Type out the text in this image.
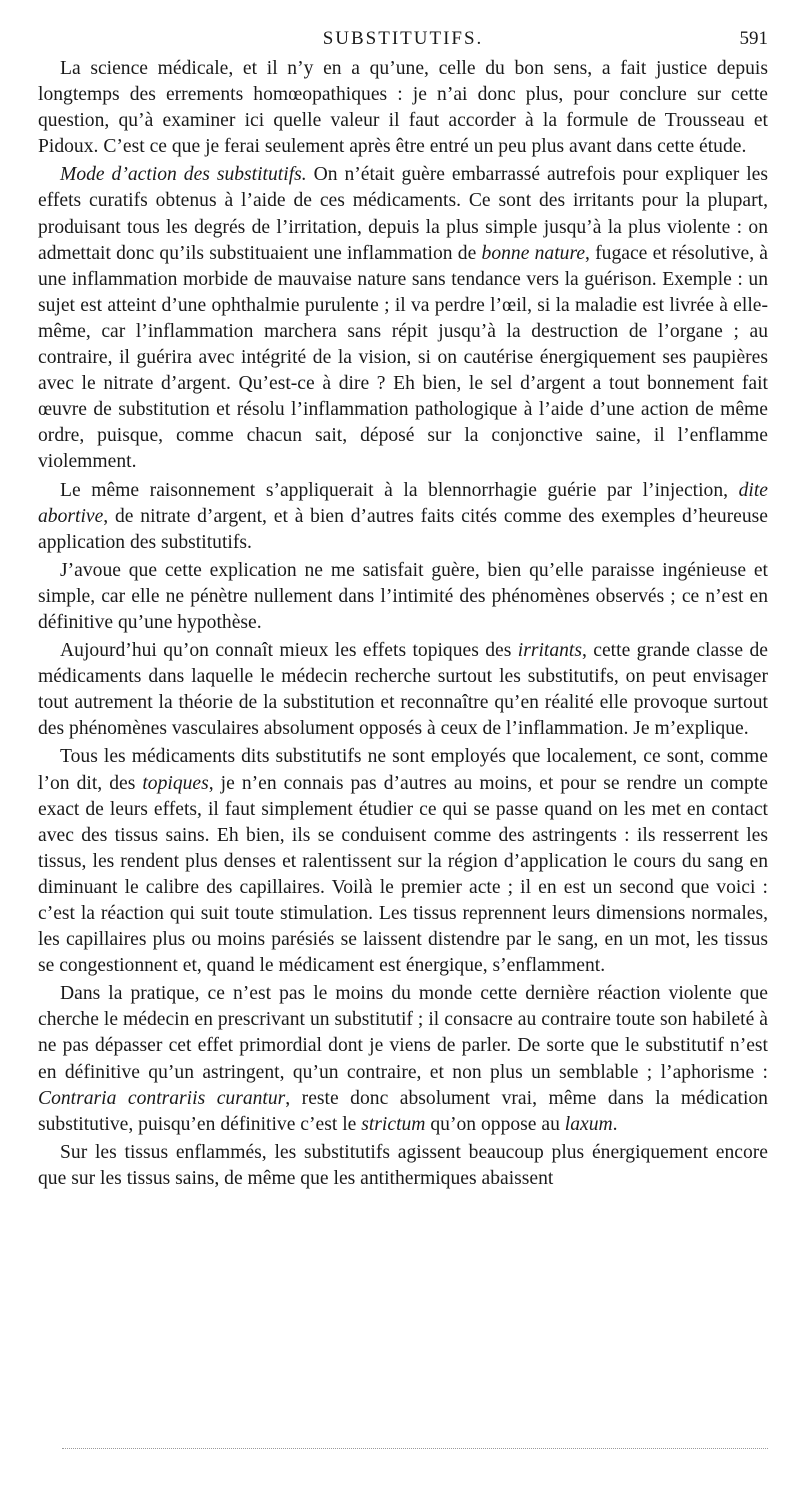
SUBSTITUTIFS.	591

La science médicale, et il n’y en a qu’une, celle du bon sens, a fait justice depuis longtemps des errements homœopathiques : je n’ai donc plus, pour conclure sur cette question, qu’à examiner ici quelle valeur il faut accorder à la formule de Trousseau et Pidoux. C’est ce que je ferai seulement après être entré un peu plus avant dans cette étude.

Mode d’action des substitutifs. On n’était guère embarrassé autrefois pour expliquer les effets curatifs obtenus à l’aide de ces médicaments. Ce sont des irritants pour la plupart, produisant tous les degrés de l’irritation, depuis la plus simple jusqu’à la plus violente : on admettait donc qu’ils substituaient une inflammation de bonne nature, fugace et résolutive, à une inflammation morbide de mauvaise nature sans tendance vers la guérison. Exemple : un sujet est atteint d’une ophthalmie purulente ; il va perdre l’œil, si la maladie est livrée à elle-même, car l’inflammation marchera sans répit jusqu’à la destruction de l’organe ; au contraire, il guérira avec intégrité de la vision, si on cautérise énergiquement ses paupières avec le nitrate d’argent. Qu’est-ce à dire ? Eh bien, le sel d’argent a tout bonnement fait œuvre de substitution et résolu l’inflammation pathologique à l’aide d’une action de même ordre, puisque, comme chacun sait, déposé sur la conjonctive saine, il l’enflamme violemment.

Le même raisonnement s’appliquerait à la blennorrhagie guérie par l’injection, dite abortive, de nitrate d’argent, et à bien d’autres faits cités comme des exemples d’heureuse application des substitutifs.

J’avoue que cette explication ne me satisfait guère, bien qu’elle paraisse ingénieuse et simple, car elle ne pénètre nullement dans l’intimité des phénomènes observés ; ce n’est en définitive qu’une hypothèse.

Aujourd’hui qu’on connaît mieux les effets topiques des irritants, cette grande classe de médicaments dans laquelle le médecin recherche surtout les substitutifs, on peut envisager tout autrement la théorie de la substitution et reconnaître qu’en réalité elle provoque surtout des phénomènes vasculaires absolument opposés à ceux de l’inflammation. Je m’explique.

Tous les médicaments dits substitutifs ne sont employés que localement, ce sont, comme l’on dit, des topiques, je n’en connais pas d’autres au moins, et pour se rendre un compte exact de leurs effets, il faut simplement étudier ce qui se passe quand on les met en contact avec des tissus sains. Eh bien, ils se conduisent comme des astringents : ils resserrent les tissus, les rendent plus denses et ralentissent sur la région d’application le cours du sang en diminuant le calibre des capillaires. Voilà le premier acte ; il en est un second que voici : c’est la réaction qui suit toute stimulation. Les tissus reprennent leurs dimensions normales, les capillaires plus ou moins parésiés se laissent distendre par le sang, en un mot, les tissus se congestionnent et, quand le médicament est énergique, s’enflamment.

Dans la pratique, ce n’est pas le moins du monde cette dernière réaction violente que cherche le médecin en prescrivant un substitutif ; il consacre au contraire toute son habileté à ne pas dépasser cet effet primordial dont je viens de parler. De sorte que le substitutif n’est en définitive qu’un astringent, qu’un contraire, et non plus un semblable ; l’aphorisme : Contraria contrariis curantur, reste donc absolument vrai, même dans la médication substitutive, puisqu’en définitive c’est le strictum qu’on oppose au laxum.

Sur les tissus enflammés, les substitutifs agissent beaucoup plus énergiquement encore que sur les tissus sains, de même que les antithermiques abaissent
